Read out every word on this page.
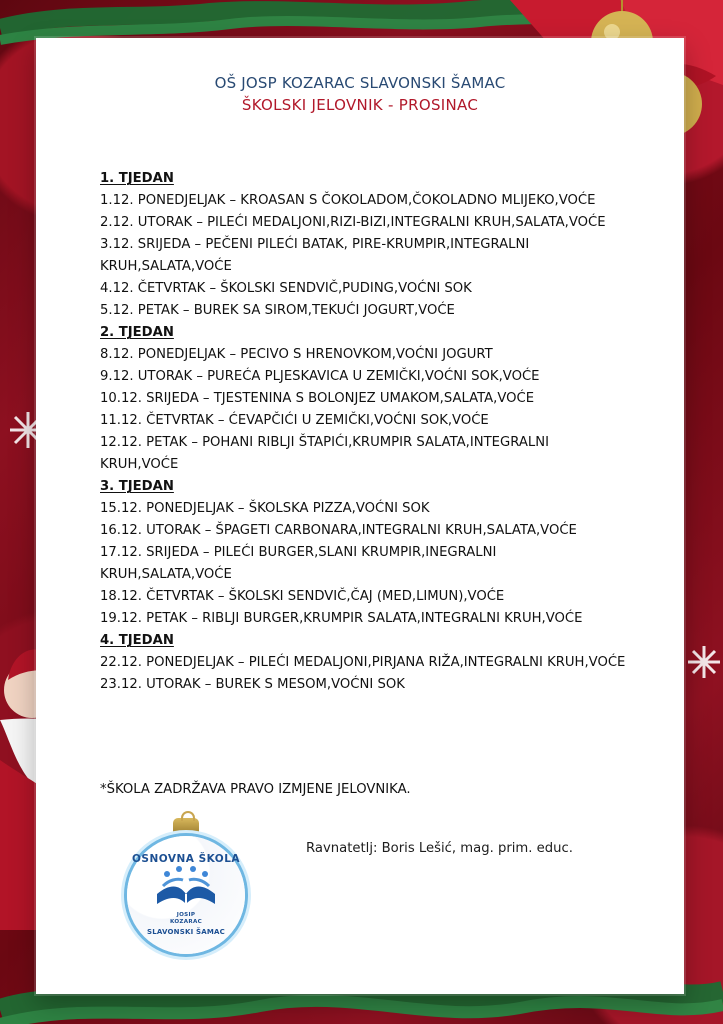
OŠ JOSP KOZARAC SLAVONSKI ŠAMAC
ŠKOLSKI JELOVNIK - PROSINAC
1. TJEDAN

1.12. PONEDJELJAK – KROASAN S ČOKOLADOM,ČOKOLADNO MLIJEKO,VOĆE

2.12. UTORAK – PILEĆI MEDALJONI,RIZI-BIZI,INTEGRALNI KRUH,SALATA,VOĆE

3.12. SRIJEDA – PEČENI PILEĆI BATAK, PIRE-KRUMPIR,INTEGRALNI KRUH,SALATA,VOĆE

4.12. ČETVRTAK – ŠKOLSKI SENDVIČ,PUDING,VOĆNI SOK

5.12. PETAK – BUREK SA SIROM,TEKUĆI JOGURT,VOĆE

2. TJEDAN

8.12. PONEDJELJAK – PECIVO S HRENOVKOM,VOĆNI JOGURT

9.12. UTORAK – PUREĆA PLJESKAVICA U ZEMIČKI,VOĆNI SOK,VOĆE

10.12. SRIJEDA – TJESTENINA S BOLONJEZ UMAKOM,SALATA,VOĆE

11.12. ČETVRTAK – ĆEVAPČIĆI U ZEMIČKI,VOĆNI SOK,VOĆE

12.12. PETAK – POHANI RIBLJI ŠTAPIĆI,KRUMPIR SALATA,INTEGRALNI KRUH,VOĆE

3. TJEDAN

15.12. PONEDJELJAK – ŠKOLSKA PIZZA,VOĆNI SOK

16.12. UTORAK – ŠPAGETI CARBONARA,INTEGRALNI KRUH,SALATA,VOĆE

17.12. SRIJEDA – PILEĆI BURGER,SLANI KRUMPIR,INEGRALNI KRUH,SALATA,VOĆE

18.12. ČETVRTAK – ŠKOLSKI SENDVIČ,ČAJ (MED,LIMUN),VOĆE

19.12. PETAK – RIBLJI BURGER,KRUMPIR SALATA,INTEGRALNI KRUH,VOĆE

4. TJEDAN

22.12. PONEDJELJAK – PILEĆI MEDALJONI,PIRJANA RIŽA,INTEGRALNI KRUH,VOĆE

23.12. UTORAK – BUREK S MESOM,VOĆNI SOK

*ŠKOLA ZADRŽAVA PRAVO IZMJENE JELOVNIKA.
Ravnatetlj: Boris Lešić, mag. prim. educ.
OSNOVNA ŠKOLA
JOSIP
KOZARAC
SLAVONSKI ŠAMAC
